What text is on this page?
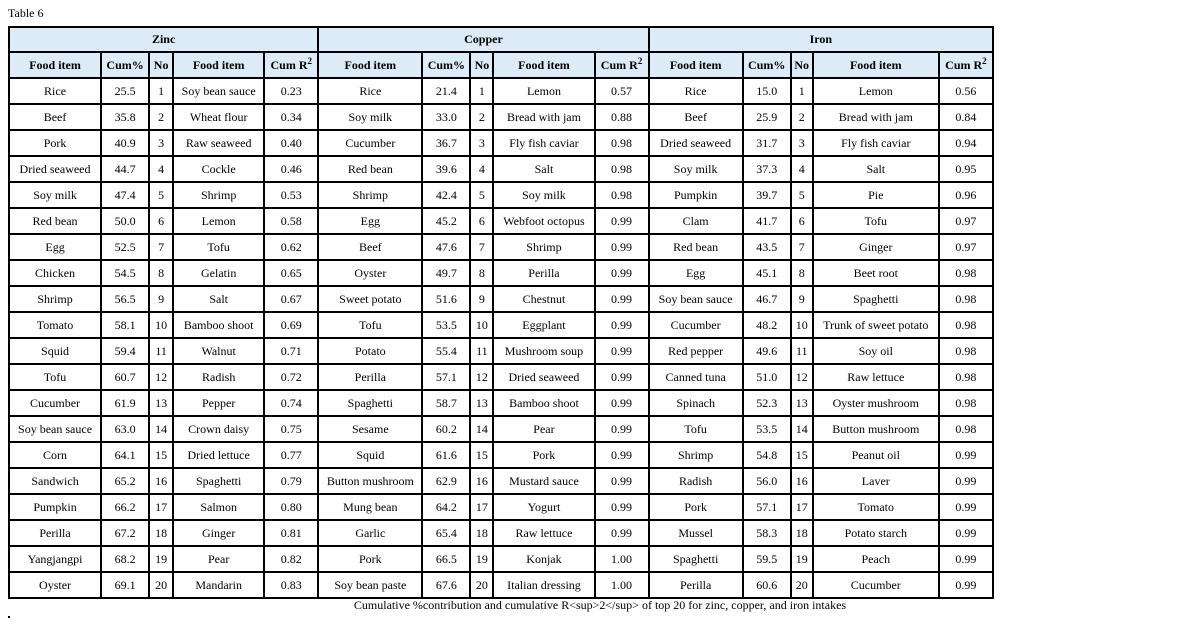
Table 6
Zinc					Copper					Iron				
Food item	Cum%	No	Food item	Cum $R^2$	Food item	Cum%	No	Food item	Cum $R^2$	Food item	Cum%	No	Food item	Cum $R^2$
Rice	25.5	1	Soy bean sauce	0.23	Rice	21.4	1	Lemon	0.57	Rice	15.0	1	Lemon	0.56
Beef	35.8	2	Wheat flour	0.34	Soy milk	33.0	2	Bread with jam	0.88	Beef	25.9	2	Bread with jam	0.84
Pork	40.9	3	Raw seaweed	0.40	Cucumber	36.7	3	Fly fish caviar	0.98	Dried seaweed	31.7	3	Fly fish caviar	0.94
Dried seaweed	44.7	4	Cockle	0.46	Red bean	39.6	4	Salt	0.98	Soy milk	37.3	4	Salt	0.95
Soy milk	47.4	5	Shrimp	0.53	Shrimp	42.4	5	Soy milk	0.98	Pumpkin	39.7	5	Pie	0.96
Red bean	50.0	6	Lemon	0.58	Egg	45.2	6	Webfoot octopus	0.99	Clam	41.7	6	Tofu	0.97
Egg	52.5	7	Tofu	0.62	Beef	47.6	7	Shrimp	0.99	Red bean	43.5	7	Ginger	0.97
Chicken	54.5	8	Gelatin	0.65	Oyster	49.7	8	Perilla	0.99	Egg	45.1	8	Beet root	0.98
Shrimp	56.5	9	Salt	0.67	Sweet potato	51.6	9	Chestnut	0.99	Soy bean sauce	46.7	9	Spaghetti	0.98
Tomato	58.1	10	Bamboo shoot	0.69	Tofu	53.5	10	Eggplant	0.99	Cucumber	48.2	10	Trunk of sweet potato	0.98
Squid	59.4	11	Walnut	0.71	Potato	55.4	11	Mushroom soup	0.99	Red pepper	49.6	11	Soy oil	0.98
Tofu	60.7	12	Radish	0.72	Perilla	57.1	12	Dried seaweed	0.99	Canned tuna	51.0	12	Raw lettuce	0.98
Cucumber	61.9	13	Pepper	0.74	Spaghetti	58.7	13	Bamboo shoot	0.99	Spinach	52.3	13	Oyster mushroom	0.98
Soy bean sauce	63.0	14	Crown daisy	0.75	Sesame	60.2	14	Pear	0.99	Tofu	53.5	14	Button mushroom	0.98
Corn	64.1	15	Dried lettuce	0.77	Squid	61.6	15	Pork	0.99	Shrimp	54.8	15	Peanut oil	0.99
Sandwich	65.2	16	Spaghetti	0.79	Button mushroom	62.9	16	Mustard sauce	0.99	Radish	56.0	16	Laver	0.99
Pumpkin	66.2	17	Salmon	0.80	Mung bean	64.2	17	Yogurt	0.99	Pork	57.1	17	Tomato	0.99
Perilla	67.2	18	Ginger	0.81	Garlic	65.4	18	Raw lettuce	0.99	Mussel	58.3	18	Potato starch	0.99
Yangjangpi	68.2	19	Pear	0.82	Pork	66.5	19	Konjak	1.00	Spaghetti	59.5	19	Peach	0.99
Oyster	69.1	20	Mandarin	0.83	Soy bean paste	67.6	20	Italian dressing	1.00	Perilla	60.6	20	Cucumber	0.99
Cumulative %contribution and cumulative R<sup>2</sup> of top 20 for zinc, copper, and iron intakes
